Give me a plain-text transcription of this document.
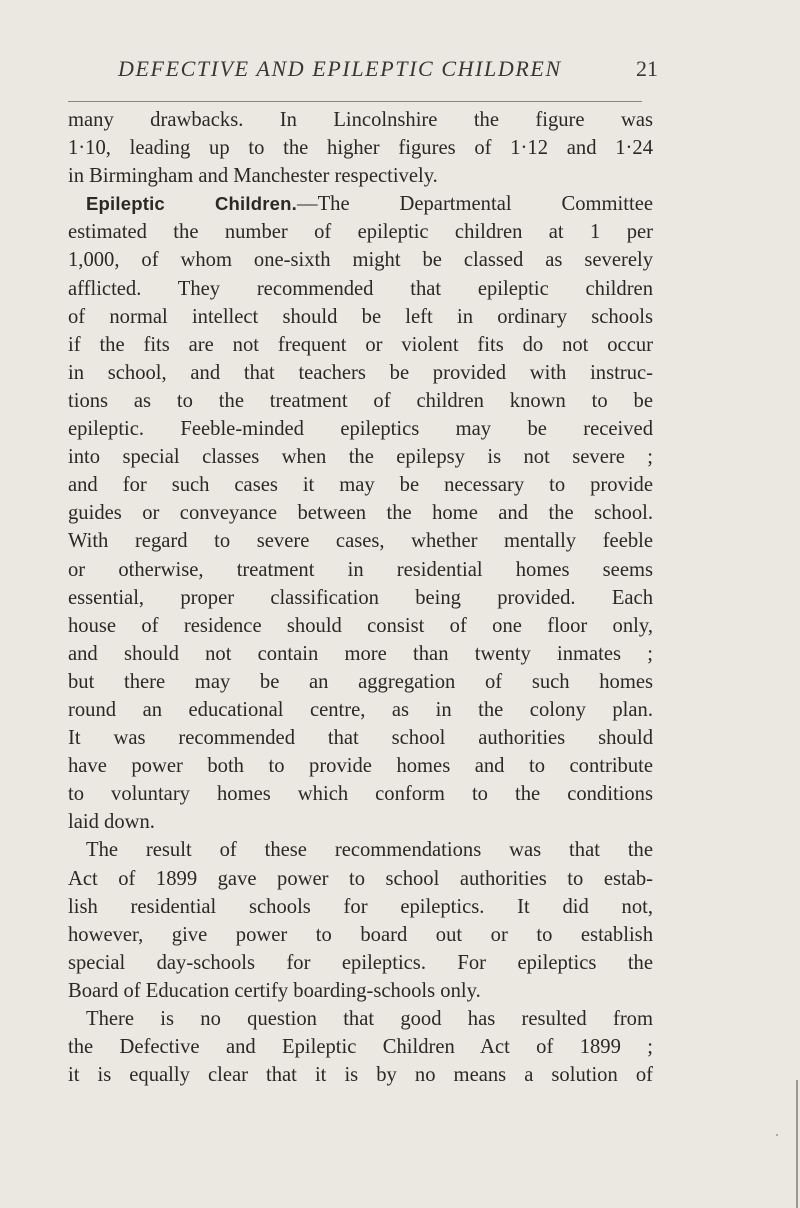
DEFECTIVE AND EPILEPTIC CHILDREN	21
many drawbacks. In Lincolnshire the figure was
1·10, leading up to the higher figures of 1·12 and 1·24
in Birmingham and Manchester respectively.
Epileptic Children.—The Departmental Committee
estimated the number of epileptic children at 1 per
1,000, of whom one-sixth might be classed as severely
afflicted. They recommended that epileptic children
of normal intellect should be left in ordinary schools
if the fits are not frequent or violent fits do not occur
in school, and that teachers be provided with instruc-
tions as to the treatment of children known to be
epileptic. Feeble-minded epileptics may be received
into special classes when the epilepsy is not severe ;
and for such cases it may be necessary to provide
guides or conveyance between the home and the school.
With regard to severe cases, whether mentally feeble
or otherwise, treatment in residential homes seems
essential, proper classification being provided. Each
house of residence should consist of one floor only,
and should not contain more than twenty inmates ;
but there may be an aggregation of such homes
round an educational centre, as in the colony plan.
It was recommended that school authorities should
have power both to provide homes and to contribute
to voluntary homes which conform to the conditions
laid down.
The result of these recommendations was that the
Act of 1899 gave power to school authorities to estab-
lish residential schools for epileptics. It did not,
however, give power to board out or to establish
special day-schools for epileptics. For epileptics the
Board of Education certify boarding-schools only.
There is no question that good has resulted from
the Defective and Epileptic Children Act of 1899 ;
it is equally clear that it is by no means a solution of
